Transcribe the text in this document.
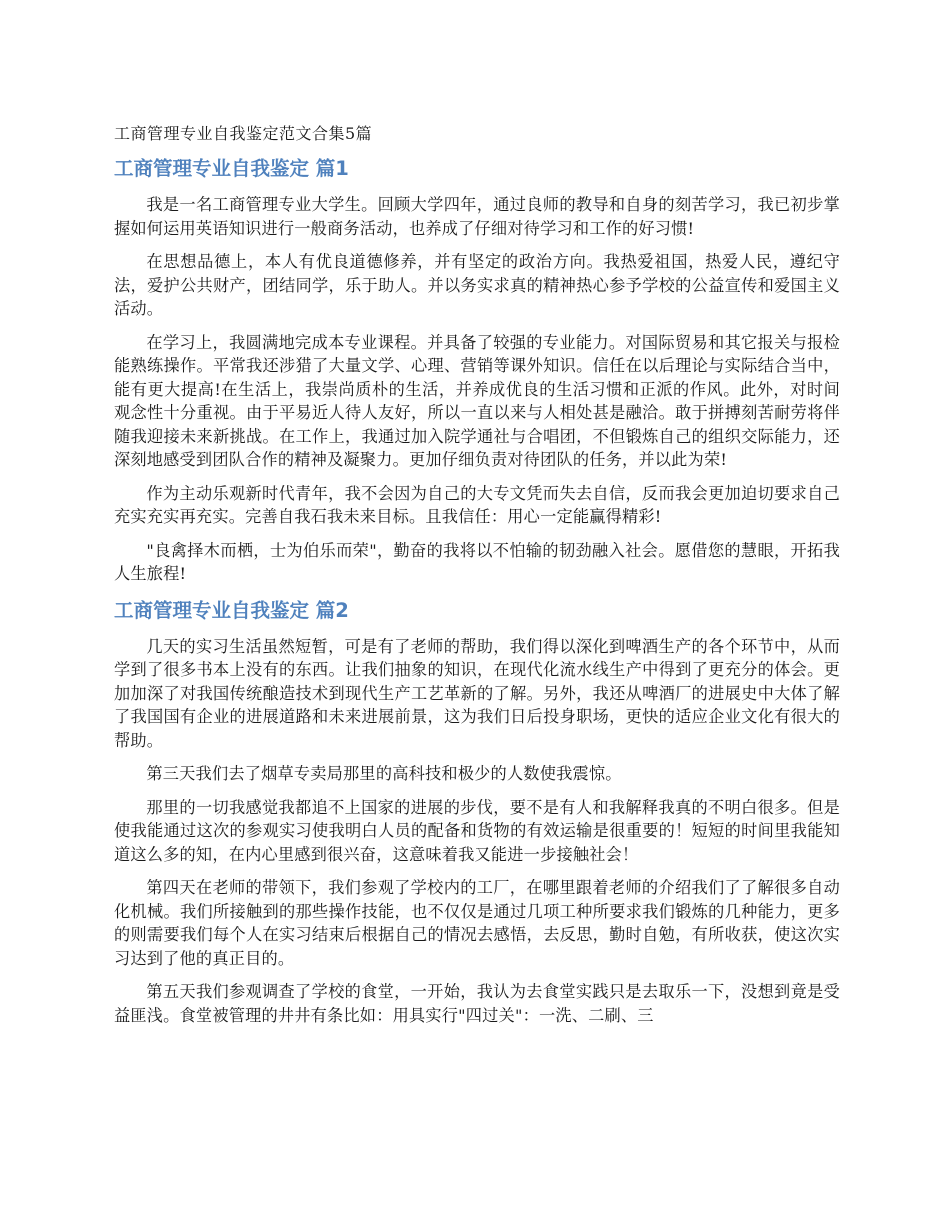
工商管理专业自我鉴定范文合集5篇
工商管理专业自我鉴定 篇1

我是一名工商管理专业大学生。回顾大学四年，通过良师的教导和自身的刻苦学习，我已初步掌握如何运用英语知识进行一般商务活动，也养成了仔细对待学习和工作的好习惯!

在思想品德上，本人有优良道德修养，并有坚定的政治方向。我热爱祖国，热爱人民，遵纪守法，爱护公共财产，团结同学，乐于助人。并以务实求真的精神热心参予学校的公益宣传和爱国主义活动。

在学习上，我圆满地完成本专业课程。并具备了较强的专业能力。对国际贸易和其它报关与报检能熟练操作。平常我还涉猎了大量文学、心理、营销等课外知识。信任在以后理论与实际结合当中，能有更大提高!在生活上，我崇尚质朴的生活，并养成优良的生活习惯和正派的作风。此外，对时间观念性十分重视。由于平易近人待人友好，所以一直以来与人相处甚是融洽。敢于拼搏刻苦耐劳将伴随我迎接未来新挑战。在工作上，我通过加入院学通社与合唱团，不但锻炼自己的组织交际能力，还深刻地感受到团队合作的精神及凝聚力。更加仔细负责对待团队的任务，并以此为荣!

作为主动乐观新时代青年，我不会因为自己的大专文凭而失去自信，反而我会更加迫切要求自己充实充实再充实。完善自我石我未来目标。且我信任：用心一定能赢得精彩!

"良禽择木而栖，士为伯乐而荣"，勤奋的我将以不怕输的韧劲融入社会。愿借您的慧眼，开拓我人生旅程!

工商管理专业自我鉴定 篇2

几天的实习生活虽然短暂，可是有了老师的帮助，我们得以深化到啤酒生产的各个环节中，从而学到了很多书本上没有的东西。让我们抽象的知识，在现代化流水线生产中得到了更充分的体会。更加加深了对我国传统酿造技术到现代生产工艺革新的了解。另外，我还从啤酒厂的进展史中大体了解了我国国有企业的进展道路和未来进展前景，这为我们日后投身职场，更快的适应企业文化有很大的帮助。

第三天我们去了烟草专卖局那里的高科技和极少的人数使我震惊。

那里的一切我感觉我都追不上国家的进展的步伐，要不是有人和我解释我真的不明白很多。但是使我能通过这次的参观实习使我明白人员的配备和货物的有效运输是很重要的！短短的时间里我能知道这么多的知，在内心里感到很兴奋，这意味着我又能进一步接触社会！

第四天在老师的带领下，我们参观了学校内的工厂，在哪里跟着老师的介绍我们了了解很多自动化机械。我们所接触到的那些操作技能，也不仅仅是通过几项工种所要求我们锻炼的几种能力，更多的则需要我们每个人在实习结束后根据自己的情况去感悟，去反思，勤时自勉，有所收获，使这次实习达到了他的真正目的。

第五天我们参观调查了学校的食堂，一开始，我认为去食堂实践只是去取乐一下，没想到竟是受益匪浅。食堂被管理的井井有条比如：用具实行"四过关"：一洗、二刷、三
